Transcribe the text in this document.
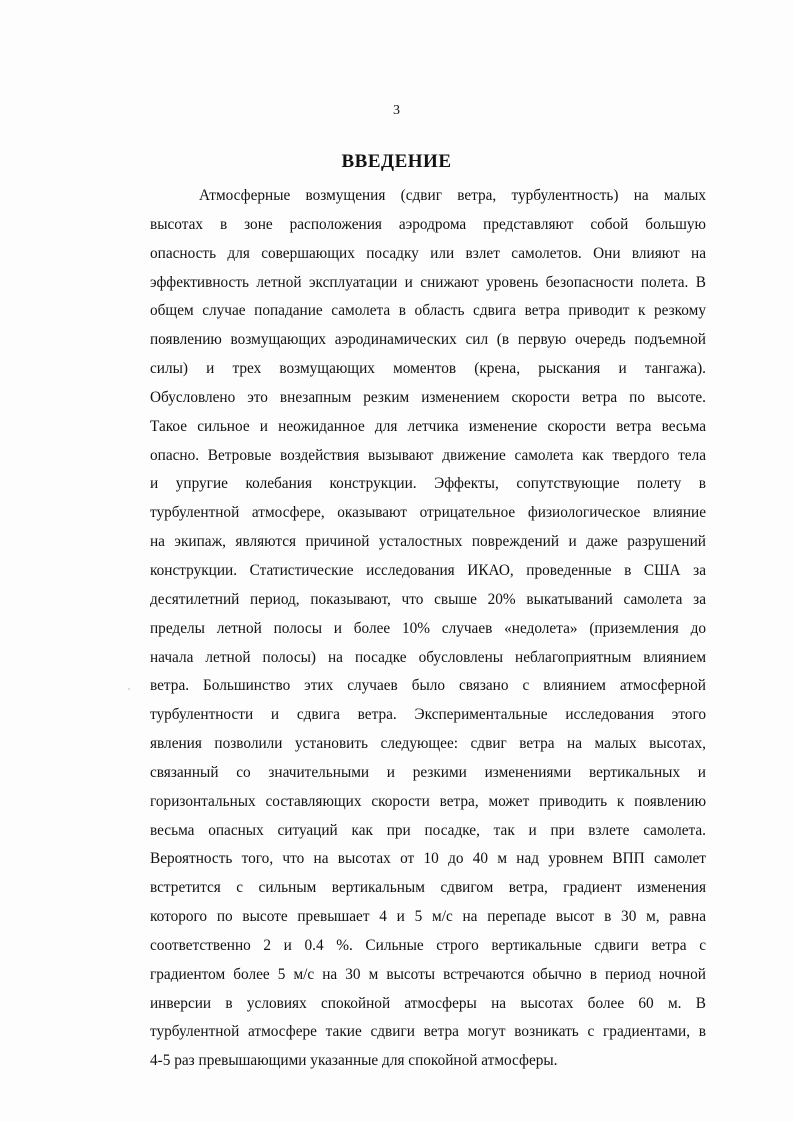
3
ВВЕДЕНИЕ
Атмосферные возмущения (сдвиг ветра, турбулентность) на малых
высотах в зоне расположения аэродрома представляют собой большую
опасность для совершающих посадку или взлет самолетов. Они влияют на
эффективность летной эксплуатации и снижают уровень безопасности полета. В
общем случае попадание самолета в область сдвига ветра приводит к резкому
появлению возмущающих аэродинамических сил (в первую очередь подъемной
силы) и трех возмущающих моментов (крена, рыскания и тангажа).
Обусловлено это внезапным резким изменением скорости ветра по высоте.
Такое сильное и неожиданное для летчика изменение скорости ветра весьма
опасно. Ветровые воздействия вызывают движение самолета как твердого тела
и упругие колебания конструкции. Эффекты, сопутствующие полету в
турбулентной атмосфере, оказывают отрицательное физиологическое влияние
на экипаж, являются причиной усталостных повреждений и даже разрушений
конструкции. Статистические исследования ИКАО, проведенные в США за
десятилетний период, показывают, что свыше 20% выкатываний самолета за
пределы летной полосы и более 10% случаев «недолета» (приземления до
начала летной полосы) на посадке обусловлены неблагоприятным влиянием
ветра. Большинство этих случаев было связано с влиянием атмосферной
турбулентности и сдвига ветра. Экспериментальные исследования этого
явления позволили установить следующее: сдвиг ветра на малых высотах,
связанный со значительными и резкими изменениями вертикальных и
горизонтальных составляющих скорости ветра, может приводить к появлению
весьма опасных ситуаций как при посадке, так и при взлете самолета.
Вероятность того, что на высотах от 10 до 40 м над уровнем ВПП самолет
встретится с сильным вертикальным сдвигом ветра, градиент изменения
которого по высоте превышает 4 и 5 м/с на перепаде высот в 30 м, равна
соответственно 2 и 0.4 %. Сильные строго вертикальные сдвиги ветра с
градиентом более 5 м/с на 30 м высоты встречаются обычно в период ночной
инверсии в условиях спокойной атмосферы на высотах более 60 м. В
турбулентной атмосфере такие сдвиги ветра могут возникать с градиентами, в
4-5 раз превышающими указанные для спокойной атмосферы.
